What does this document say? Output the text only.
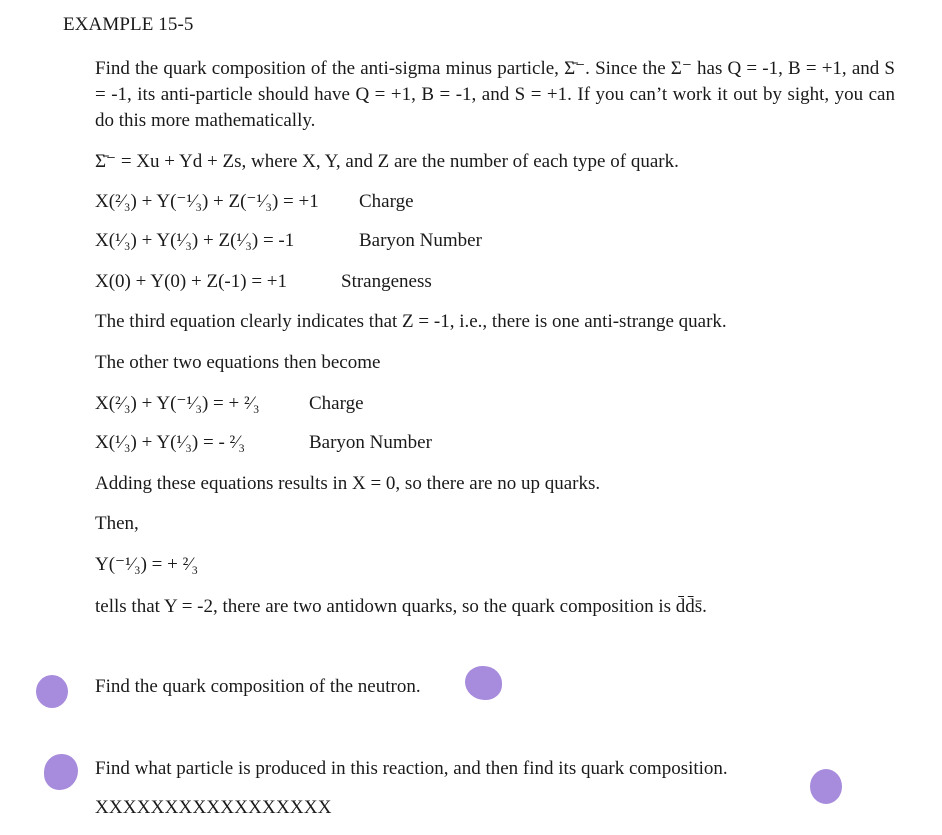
EXAMPLE 15-5
Find the quark composition of the anti-sigma minus particle, Σ̄⁻. Since the Σ⁻ has Q = -1, B = +1, and S = -1, its anti-particle should have Q = +1, B = -1, and S = +1. If you can’t work it out by sight, you can do this more mathematically.
Σ̄⁻ = Xu + Yd + Zs, where X, Y, and Z are the number of each type of quark.
X(²⁄₃) + Y(⁻¹⁄₃) + Z(⁻¹⁄₃) = +1 Charge
X(¹⁄₃) + Y(¹⁄₃) + Z(¹⁄₃) = -1	Baryon Number
X(0) + Y(0) + Z(-1) = +1	Strangeness
The third equation clearly indicates that Z = -1, i.e., there is one anti-strange quark.
The other two equations then become
X(²⁄₃) + Y(⁻¹⁄₃) = + ²⁄₃	Charge
X(¹⁄₃) + Y(¹⁄₃) = - ²⁄₃	Baryon Number
Adding these equations results in X = 0, so there are no up quarks.
Then,
Y(⁻¹⁄₃) = + ²⁄₃
tells that Y = -2, there are two antidown quarks, so the quark composition is d̄d̄s̄.
Find the quark composition of the neutron.
Find what particle is produced in this reaction, and then find its quark composition.
XXXXXXXXXXXXXXXXX
